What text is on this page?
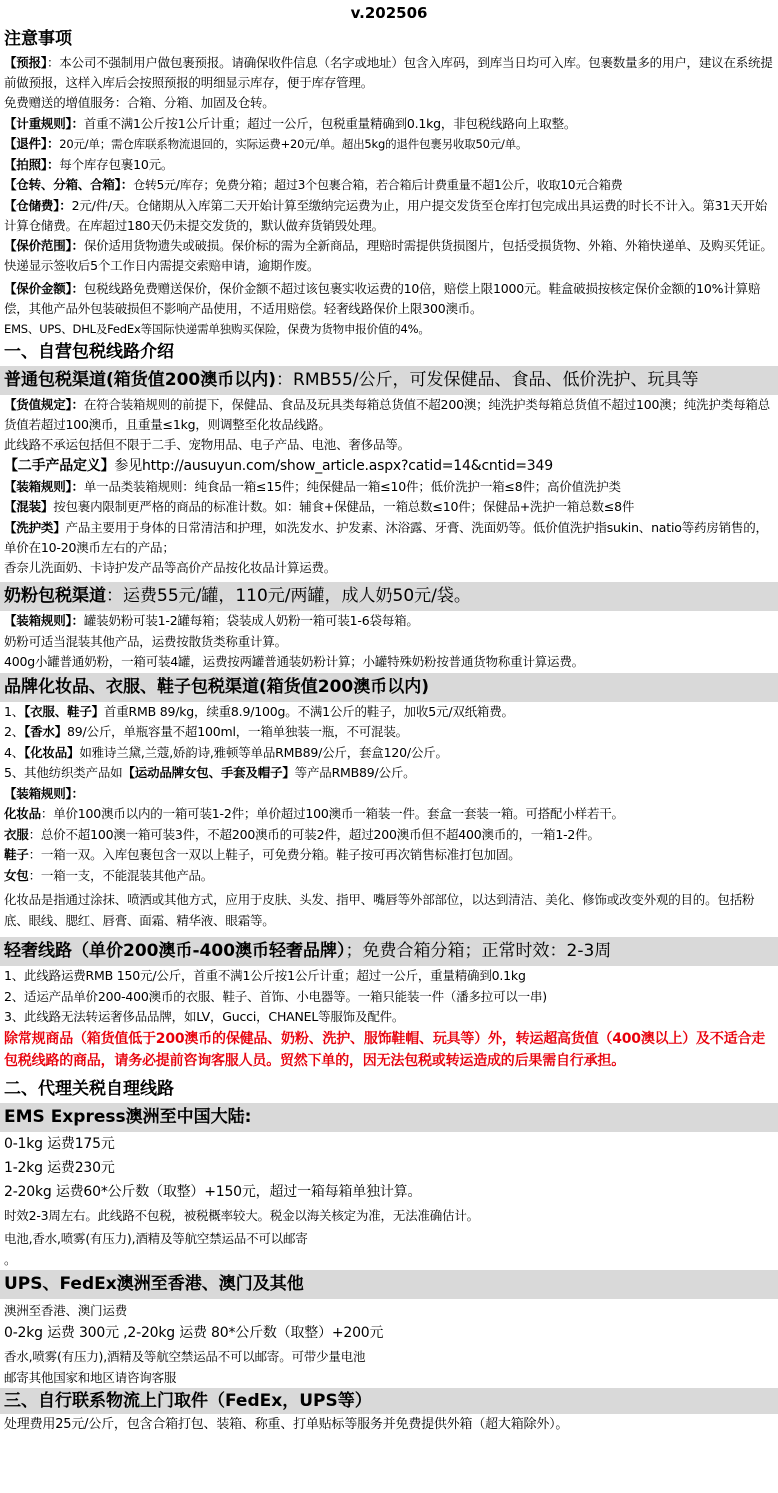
v.202506
注意事项
【预报】：本公司不强制用户做包裹预报。请确保收件信息（名字或地址）包含入库码，到库当日均可入库。包裹数量多的用户，建议在系统提前做预报，这样入库后会按照预报的明细显示库存，便于库存管理。
免费赠送的增值服务：合箱、分箱、加固及仓转。
【计重规则】：首重不满1公斤按1公斤计重；超过一公斤，包税重量精确到0.1kg，非包税线路向上取整。
【退件】：20元/单；需仓库联系物流退回的，实际运费+20元/单。超出5kg的退件包裹另收取50元/单。
【拍照】：每个库存包裹10元。
【仓转、分箱、合箱】：仓转5元/库存；免费分箱；超过3个包裹合箱，若合箱后计费重量不超1公斤，收取10元合箱费
【仓储费】：2元/件/天。仓储期从入库第二天开始计算至缴纳完运费为止，用户提交发货至仓库打包完成出具运费的时长不计入。第31天开始计算仓储费。在库超过180天仍未提交发货的，默认做弃货销毁处理。
【保价范围】：保价适用货物遗失或破损。保价标的需为全新商品，理赔时需提供货损图片，包括受损货物、外箱、外箱快递单、及购买凭证。快递显示签收后5个工作日内需提交索赔申请，逾期作废。
【保价金额】：包税线路免费赠送保价，保价金额不超过该包裹实收运费的10倍，赔偿上限1000元。鞋盒破损按核定保价金额的10%计算赔偿，其他产品外包装破损但不影响产品使用，不适用赔偿。轻奢线路保价上限300澳币。
EMS、UPS、DHL及FedEx等国际快递需单独购买保险，保费为货物申报价值的4%。
一、自营包税线路介绍
普通包税渠道(箱货值200澳币以内)：RMB55/公斤，可发保健品、食品、低价洗护、玩具等
【货值规定】：在符合装箱规则的前提下，保健品、食品及玩具类每箱总货值不超200澳；纯洗护类每箱总货值不超过100澳；纯洗护类每箱总货值若超过100澳币，且重量≤1kg，则调整至化妆品线路。
此线路不承运包括但不限于二手、宠物用品、电子产品、电池、奢侈品等。
【二手产品定义】参见http://ausuyun.com/show_article.aspx?catid=14&cntid=349
【装箱规则】：单一品类装箱规则：纯食品一箱≤15件；纯保健品一箱≤10件；低价洗护一箱≤8件；高价值洗护类
【混装】按包裹内限制更严格的商品的标准计数。如：辅食+保健品，一箱总数≤10件；保健品+洗护一箱总数≤8件
【洗护类】产品主要用于身体的日常清洁和护理，如洗发水、护发素、沐浴露、牙膏、洗面奶等。低价值洗护指sukin、natio等药房销售的，单价在10-20澳币左右的产品；
香奈儿洗面奶、卡诗护发产品等高价产品按化妆品计算运费。
奶粉包税渠道：运费55元/罐，110元/两罐，成人奶50元/袋。
【装箱规则】：罐装奶粉可装1-2罐每箱；袋装成人奶粉一箱可装1-6袋每箱。
奶粉可适当混装其他产品，运费按散货类称重计算。
400g小罐普通奶粉，一箱可装4罐，运费按两罐普通装奶粉计算；小罐特殊奶粉按普通货物称重计算运费。
品牌化妆品、衣服、鞋子包税渠道(箱货值200澳币以内)
1、【衣服、鞋子】首重RMB 89/kg，续重8.9/100g。不满1公斤的鞋子，加收5元/双纸箱费。
2、【香水】89/公斤，单瓶容量不超100ml，一箱单独装一瓶，不可混装。
4、【化妆品】如雅诗兰黛,兰蔻,娇韵诗,雅顿等单品RMB89/公斤，套盒120/公斤。
5、其他纺织类产品如【运动品牌女包、手套及帽子】等产品RMB89/公斤。
【装箱规则】：
化妆品：单价100澳币以内的一箱可装1-2件；单价超过100澳币一箱装一件。套盒一套装一箱。可搭配小样若干。
衣服：总价不超100澳一箱可装3件，不超200澳币的可装2件，超过200澳币但不超400澳币的，一箱1-2件。
鞋子：一箱一双。入库包裹包含一双以上鞋子，可免费分箱。鞋子按可再次销售标准打包加固。
女包：一箱一支，不能混装其他产品。
化妆品是指通过涂抹、喷洒或其他方式，应用于皮肤、头发、指甲、嘴唇等外部部位，以达到清洁、美化、修饰或改变外观的目的。包括粉底、眼线、腮红、唇膏、面霜、精华液、眼霜等。
轻奢线路（单价200澳币-400澳币轻奢品牌）；免费合箱分箱；正常时效：2-3周
1、此线路运费RMB 150元/公斤，首重不满1公斤按1公斤计重；超过一公斤，重量精确到0.1kg
2、适运产品单价200-400澳币的衣服、鞋子、首饰、小电器等。一箱只能装一件（潘多拉可以一串)
3、此线路无法转运奢侈品品牌，如LV，Gucci，CHANEL等服饰及配件。
除常规商品（箱货值低于200澳币的保健品、奶粉、洗护、服饰鞋帽、玩具等）外，转运超高货值（400澳以上）及不适合走包税线路的商品，请务必提前咨询客服人员。贸然下单的，因无法包税或转运造成的后果需自行承担。
二、代理关税自理线路
EMS Express澳洲至中国大陆:
0-1kg 运费175元
1-2kg 运费230元
2-20kg 运费60*公斤数（取整）+150元，超过一箱每箱单独计算。
时效2-3周左右。此线路不包税，被税概率较大。税金以海关核定为准，无法准确估计。
电池,香水,喷雾(有压力),酒精及等航空禁运品不可以邮寄
。
UPS、FedEx澳洲至香港、澳门及其他
澳洲至香港、澳门运费
0-2kg 运费 300元 ,2-20kg 运费 80*公斤数（取整）+200元
香水,喷雾(有压力),酒精及等航空禁运品不可以邮寄。可带少量电池
邮寄其他国家和地区请咨询客服
三、自行联系物流上门取件（FedEx，UPS等）
处理费用25元/公斤，包含合箱打包、装箱、称重、打单贴标等服务并免费提供外箱（超大箱除外）。
